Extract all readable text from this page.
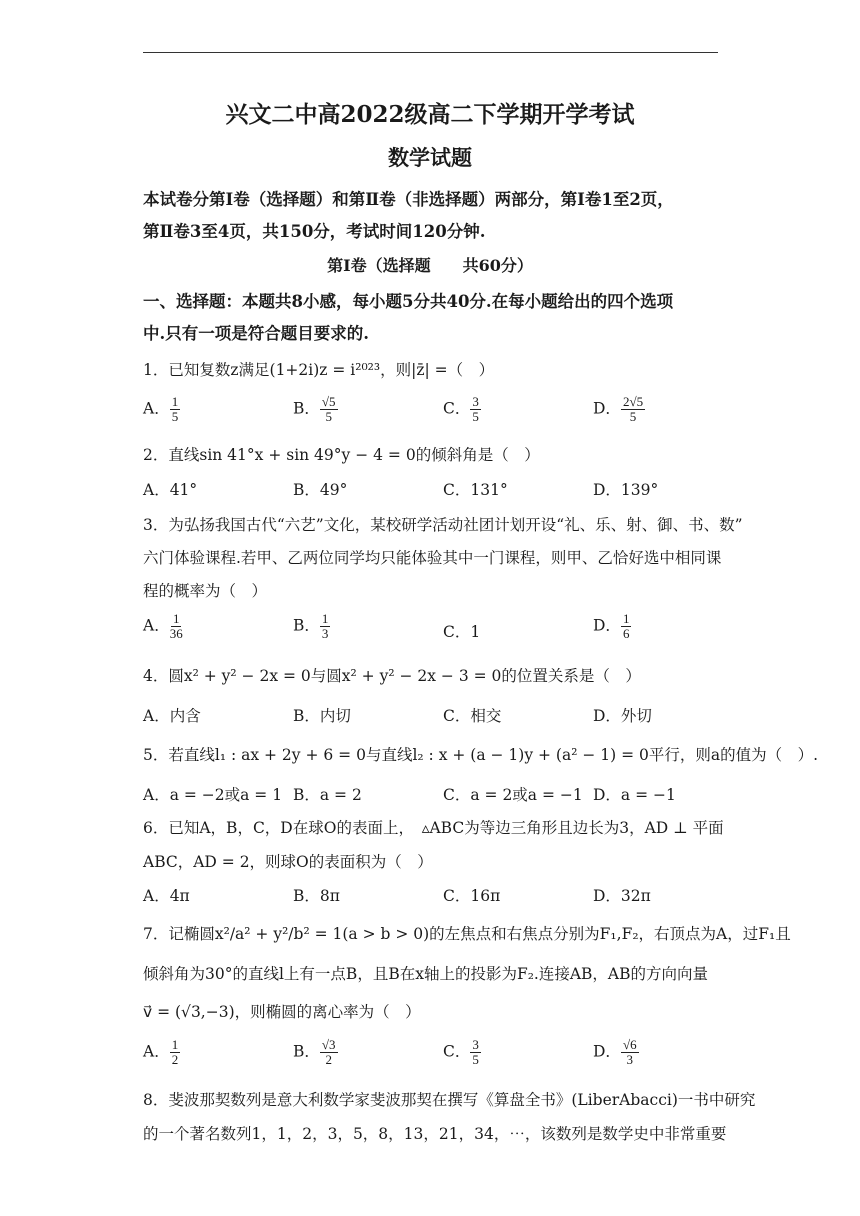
兴文二中高2022级高二下学期开学考试
数学试题
本试卷分第Ⅰ卷（选择题）和第Ⅱ卷（非选择题）两部分，第Ⅰ卷1至2页，
第Ⅱ卷3至4页，共150分，考试时间120分钟.
第Ⅰ卷（选择题　　共60分）
一、选择题：本题共8小感，每小题5分共40分.在每小题给出的四个选项
中.只有一项是符合题目要求的.
1．已知复数z满足(1+2i)z = i²⁰²³，则|z̄| =（　）
A． $\frac{1}{5}$	B． $\frac{√5}{5}$	C． $\frac{3}{5}$	D． $\frac{2√5}{5}$
2．直线sin 41°x + sin 49°y − 4 = 0的倾斜角是（　）
A．41°	B．49°	C．131°	D．139°
3．为弘扬我国古代“六艺”文化，某校研学活动社团计划开设“礼、乐、射、御、书、数”
六门体验课程.若甲、乙两位同学均只能体验其中一门课程，则甲、乙恰好选中相同课
程的概率为（　）
A． $\frac{1}{36}$	B． $\frac{1}{3}$	C．1	D． $\frac{1}{6}$
4．圆x² + y² − 2x = 0与圆x² + y² − 2x − 3 = 0的位置关系是（　）
A．内含	B．内切	C．相交	D．外切
5．若直线l₁ : ax + 2y + 6 = 0与直线l₂ : x + (a − 1)y + (a² − 1) = 0平行，则a的值为（　）.
A．a = −2或a = 1 B．a = 2	C．a = 2或a = −1 D．a = −1
6．已知A，B，C，D在球O的表面上，　▵ABC为等边三角形且边长为3，AD ⊥ 平面
ABC，AD = 2，则球O的表面积为（　）
A．4π	B．8π	C．16π	D．32π
7．记椭圆x²/a² + y²/b² = 1(a > b > 0)的左焦点和右焦点分别为F₁,F₂，右顶点为A，过F₁且
倾斜角为30°的直线l上有一点B，且B在x轴上的投影为F₂.连接AB，AB的方向向量
v⃗ = (√3,−3)，则椭圆的离心率为（　）
A． $\frac{1}{2}$	B． $\frac{√3}{2}$	C． $\frac{3}{5}$	D． $\frac{√6}{3}$
8．斐波那契数列是意大利数学家斐波那契在撰写《算盘全书》(LiberAbacci)一书中研究
的一个著名数列1，1，2，3，5，8，13，21，34，⋯，该数列是数学史中非常重要
